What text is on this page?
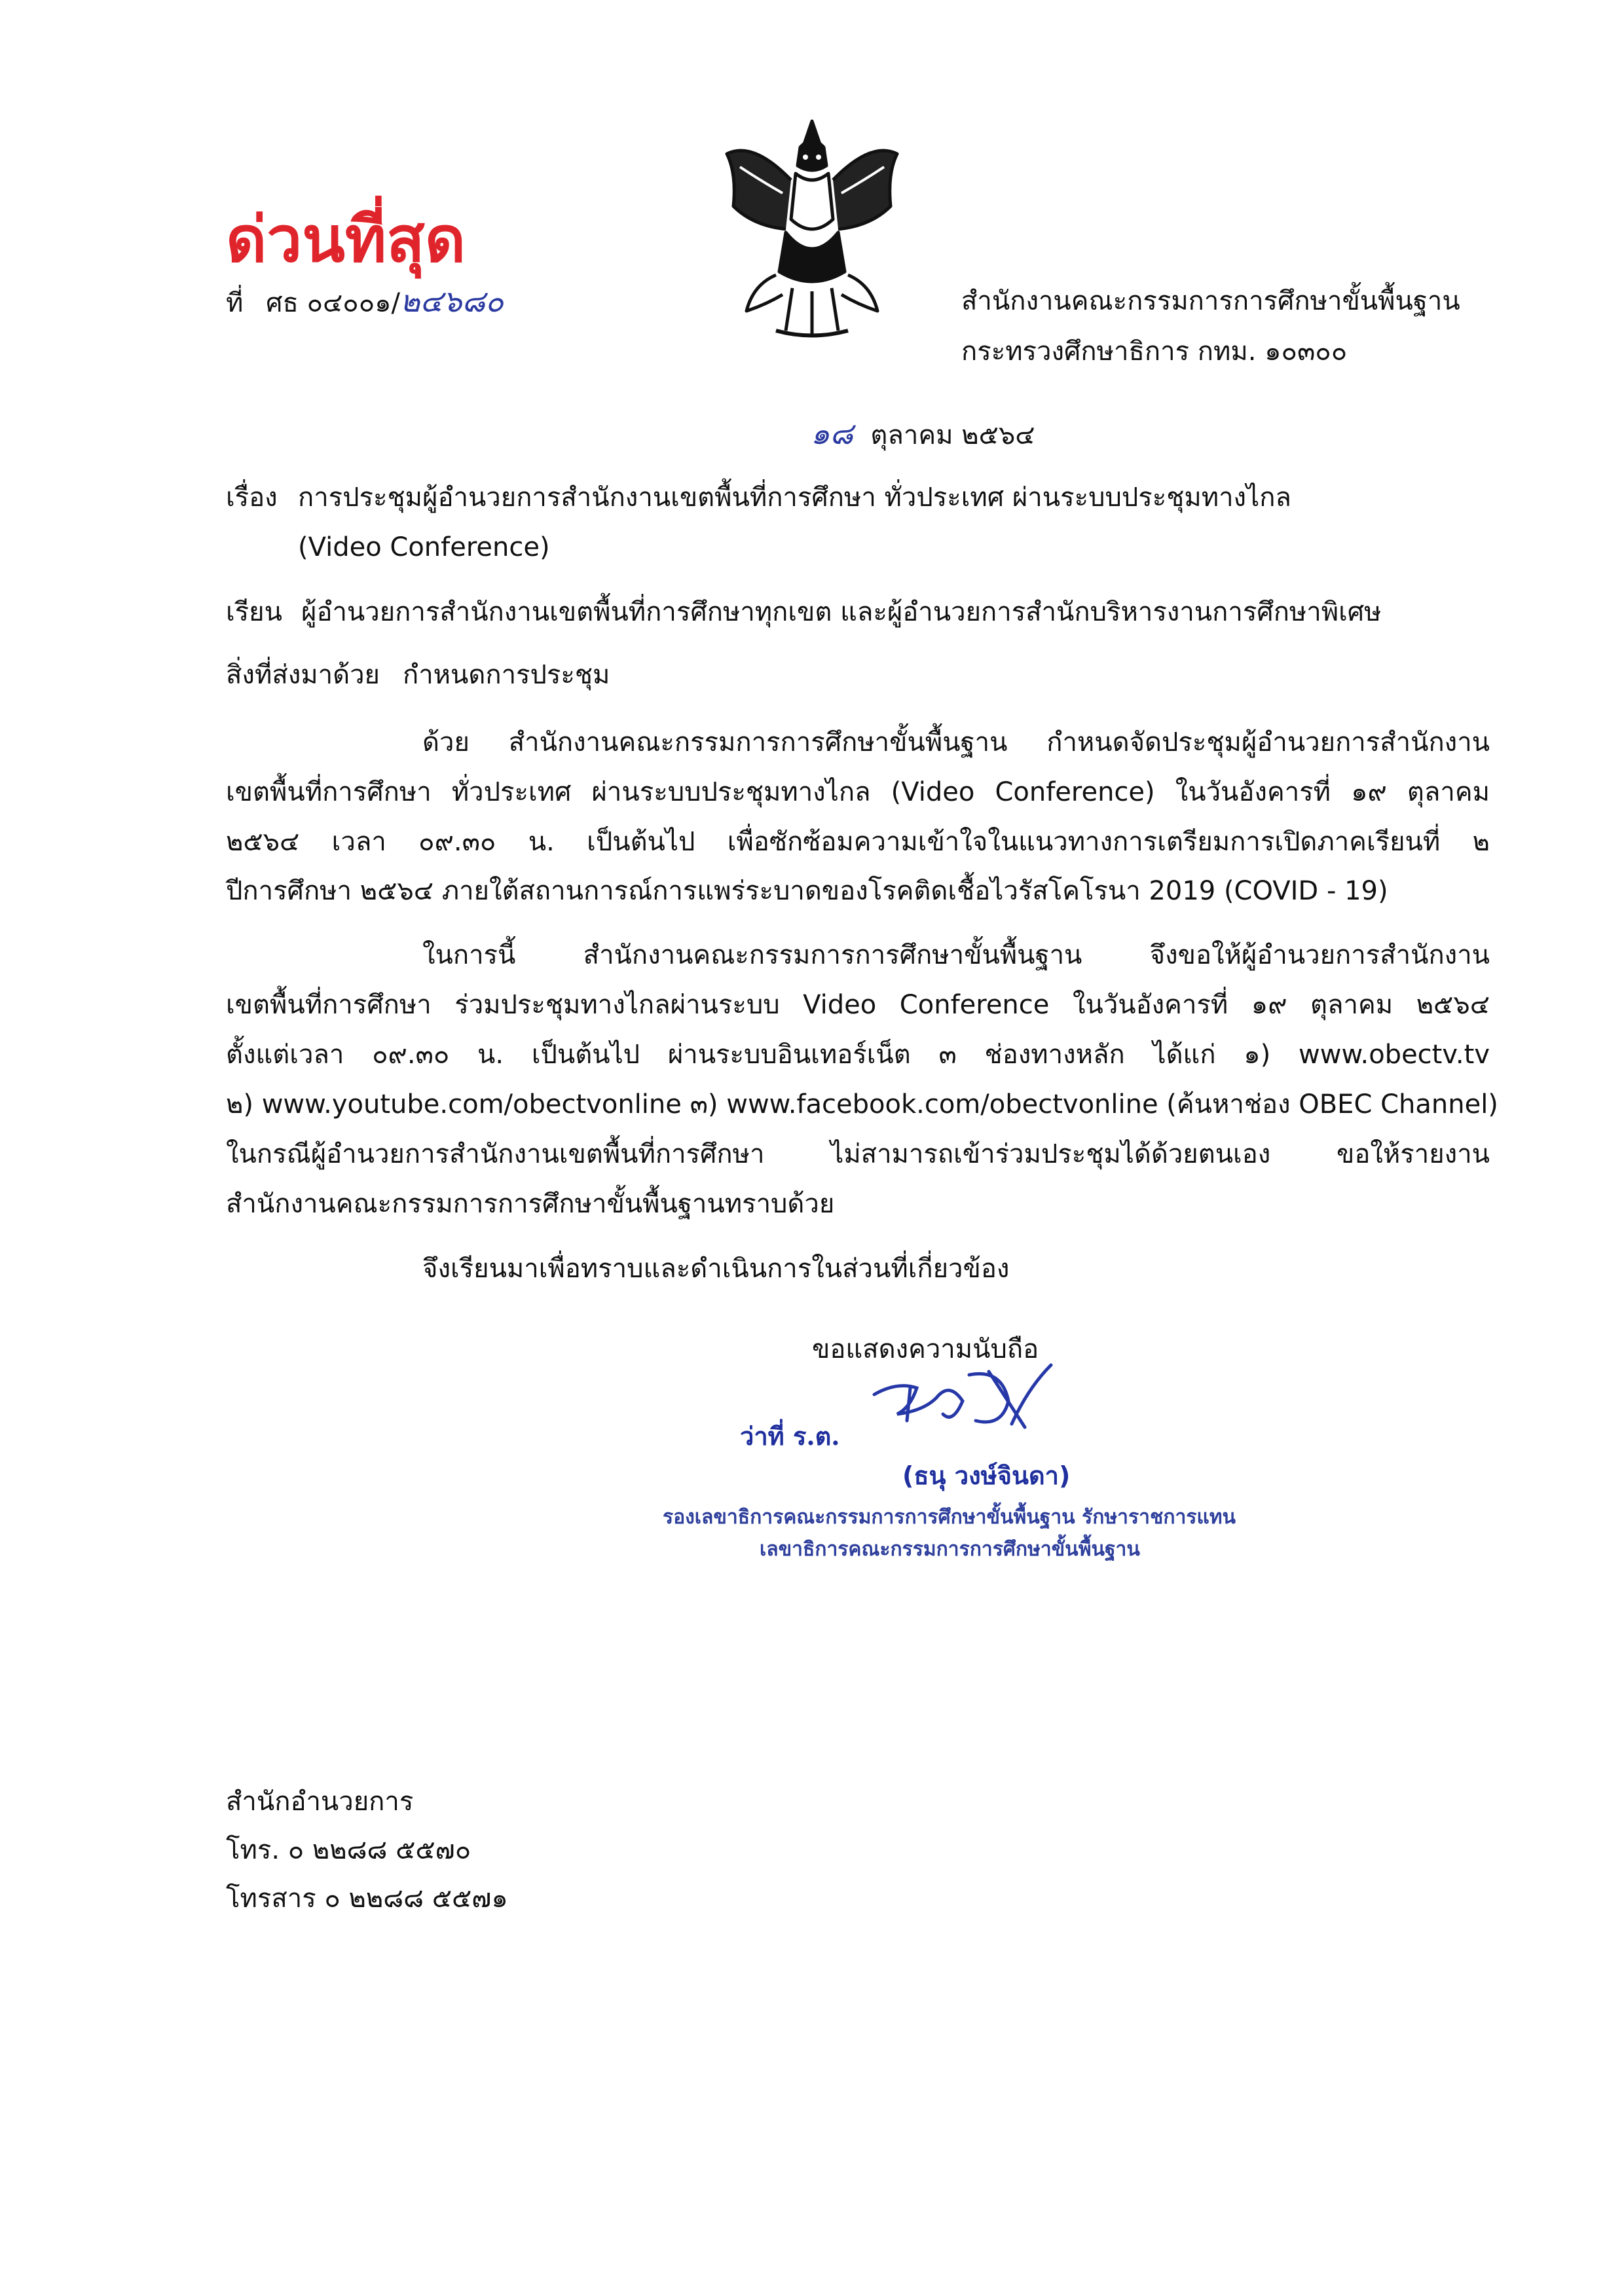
ด่วนที่สุด
ที่ ศธ ๐๔๐๐๑/๒๔๖๘๐	สำนักงานคณะกรรมการการศึกษาขั้นพื้นฐาน
กระทรวงศึกษาธิการ กทม. ๑๐๓๐๐
๑๘ ตุลาคม ๒๕๖๔
เรื่อง การประชุมผู้อำนวยการสำนักงานเขตพื้นที่การศึกษา ทั่วประเทศ ผ่านระบบประชุมทางไกล
(Video Conference)
เรียน ผู้อำนวยการสำนักงานเขตพื้นที่การศึกษาทุกเขต และผู้อำนวยการสำนักบริหารงานการศึกษาพิเศษ
สิ่งที่ส่งมาด้วย กำหนดการประชุม
ด้วย สำนักงานคณะกรรมการการศึกษาขั้นพื้นฐาน กำหนดจัดประชุมผู้อำนวยการสำนักงาน
เขตพื้นที่การศึกษา ทั่วประเทศ ผ่านระบบประชุมทางไกล (Video Conference) ในวันอังคารที่ ๑๙ ตุลาคม
๒๕๖๔ เวลา ๐๙.๓๐ น. เป็นต้นไป เพื่อซักซ้อมความเข้าใจในแนวทางการเตรียมการเปิดภาคเรียนที่ ๒
ปีการศึกษา ๒๕๖๔ ภายใต้สถานการณ์การแพร่ระบาดของโรคติดเชื้อไวรัสโคโรนา 2019 (COVID - 19)
ในการนี้ สำนักงานคณะกรรมการการศึกษาขั้นพื้นฐาน จึงขอให้ผู้อำนวยการสำนักงาน
เขตพื้นที่การศึกษา ร่วมประชุมทางไกลผ่านระบบ Video Conference ในวันอังคารที่ ๑๙ ตุลาคม ๒๕๖๔
ตั้งแต่เวลา ๐๙.๓๐ น. เป็นต้นไป ผ่านระบบอินเทอร์เน็ต ๓ ช่องทางหลัก ได้แก่ ๑) www.obectv.tv
๒) www.youtube.com/obectvonline ๓) www.facebook.com/obectvonline (ค้นหาช่อง OBEC Channel)
ในกรณีผู้อำนวยการสำนักงานเขตพื้นที่การศึกษา ไม่สามารถเข้าร่วมประชุมได้ด้วยตนเอง ขอให้รายงาน
สำนักงานคณะกรรมการการศึกษาขั้นพื้นฐานทราบด้วย
จึงเรียนมาเพื่อทราบและดำเนินการในส่วนที่เกี่ยวข้อง
ขอแสดงความนับถือ
ว่าที่ ร.ต.
(ธนุ วงษ์จินดา)
รองเลขาธิการคณะกรรมการการศึกษาขั้นพื้นฐาน รักษาราชการแทน
เลขาธิการคณะกรรมการการศึกษาขั้นพื้นฐาน
สำนักอำนวยการ
โทร. ๐ ๒๒๘๘ ๕๕๗๐
โทรสาร ๐ ๒๒๘๘ ๕๕๗๑
